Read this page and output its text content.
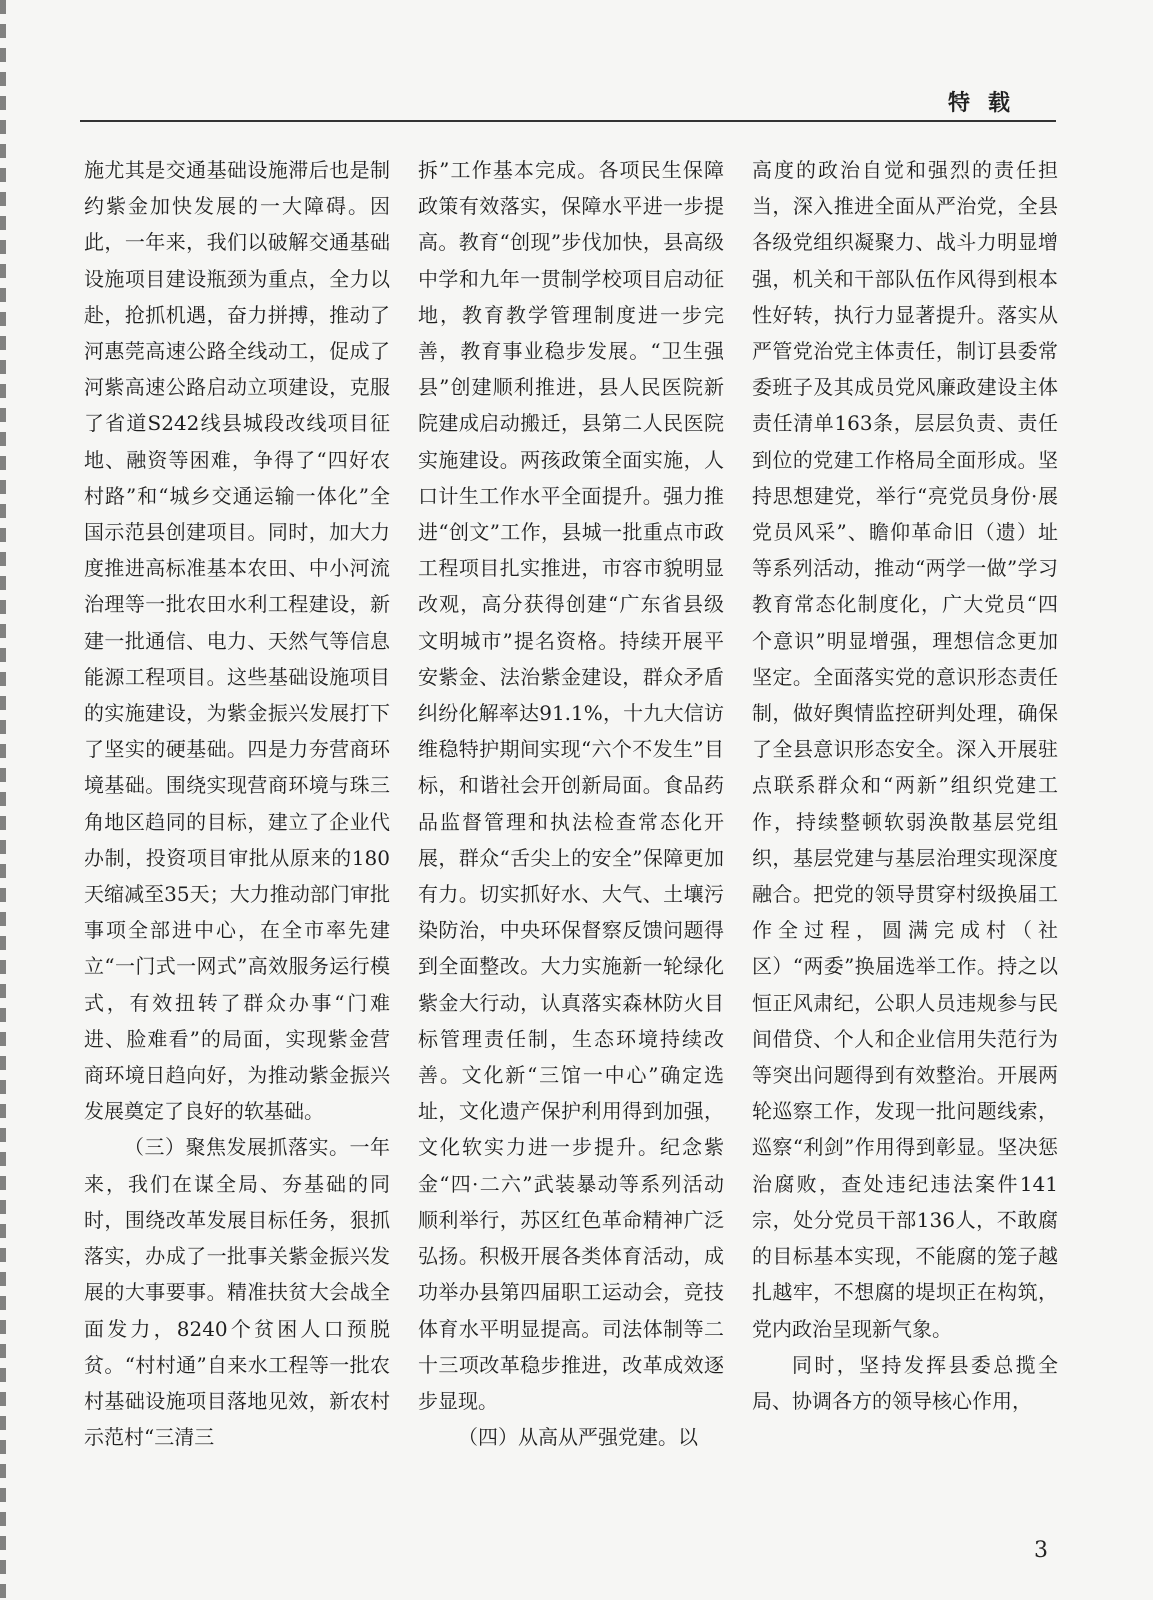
特载

施尤其是交通基础设施滞后也是制约紫金加快发展的一大障碍。因此，一年来，我们以破解交通基础设施项目建设瓶颈为重点，全力以赴，抢抓机遇，奋力拼搏，推动了河惠莞高速公路全线动工，促成了河紫高速公路启动立项建设，克服了省道S242线县城段改线项目征地、融资等困难，争得了“四好农村路”和“城乡交通运输一体化”全国示范县创建项目。同时，加大力度推进高标准基本农田、中小河流治理等一批农田水利工程建设，新建一批通信、电力、天然气等信息能源工程项目。这些基础设施项目的实施建设，为紫金振兴发展打下了坚实的硬基础。四是力夯营商环境基础。围绕实现营商环境与珠三角地区趋同的目标，建立了企业代办制，投资项目审批从原来的180天缩减至35天；大力推动部门审批事项全部进中心，在全市率先建立“一门式一网式”高效服务运行模式，有效扭转了群众办事“门难进、脸难看”的局面，实现紫金营商环境日趋向好，为推动紫金振兴发展奠定了良好的软基础。

（三）聚焦发展抓落实。一年来，我们在谋全局、夯基础的同时，围绕改革发展目标任务，狠抓落实，办成了一批事关紫金振兴发展的大事要事。精准扶贫大会战全面发力，8240个贫困人口预脱贫。“村村通”自来水工程等一批农村基础设施项目落地见效，新农村示范村“三清三

拆”工作基本完成。各项民生保障政策有效落实，保障水平进一步提高。教育“创现”步伐加快，县高级中学和九年一贯制学校项目启动征地，教育教学管理制度进一步完善，教育事业稳步发展。“卫生强县”创建顺利推进，县人民医院新院建成启动搬迁，县第二人民医院实施建设。两孩政策全面实施，人口计生工作水平全面提升。强力推进“创文”工作，县城一批重点市政工程项目扎实推进，市容市貌明显改观，高分获得创建“广东省县级文明城市”提名资格。持续开展平安紫金、法治紫金建设，群众矛盾纠纷化解率达91.1%，十九大信访维稳特护期间实现“六个不发生”目标，和谐社会开创新局面。食品药品监督管理和执法检查常态化开展，群众“舌尖上的安全”保障更加有力。切实抓好水、大气、土壤污染防治，中央环保督察反馈问题得到全面整改。大力实施新一轮绿化紫金大行动，认真落实森林防火目标管理责任制，生态环境持续改善。文化新“三馆一中心”确定选址，文化遗产保护利用得到加强，文化软实力进一步提升。纪念紫金“四·二六”武装暴动等系列活动顺利举行，苏区红色革命精神广泛弘扬。积极开展各类体育活动，成功举办县第四届职工运动会，竞技体育水平明显提高。司法体制等二十三项改革稳步推进，改革成效逐步显现。

（四）从高从严强党建。以

高度的政治自觉和强烈的责任担当，深入推进全面从严治党，全县各级党组织凝聚力、战斗力明显增强，机关和干部队伍作风得到根本性好转，执行力显著提升。落实从严管党治党主体责任，制订县委常委班子及其成员党风廉政建设主体责任清单163条，层层负责、责任到位的党建工作格局全面形成。坚持思想建党，举行“亮党员身份·展党员风采”、瞻仰革命旧（遗）址等系列活动，推动“两学一做”学习教育常态化制度化，广大党员“四个意识”明显增强，理想信念更加坚定。全面落实党的意识形态责任制，做好舆情监控研判处理，确保了全县意识形态安全。深入开展驻点联系群众和“两新”组织党建工作，持续整顿软弱涣散基层党组织，基层党建与基层治理实现深度融合。把党的领导贯穿村级换届工作全过程，圆满完成村（社区）“两委”换届选举工作。持之以恒正风肃纪，公职人员违规参与民间借贷、个人和企业信用失范行为等突出问题得到有效整治。开展两轮巡察工作，发现一批问题线索，巡察“利剑”作用得到彰显。坚决惩治腐败，查处违纪违法案件141宗，处分党员干部136人，不敢腐的目标基本实现，不能腐的笼子越扎越牢，不想腐的堤坝正在构筑，党内政治呈现新气象。

同时，坚持发挥县委总揽全局、协调各方的领导核心作用，

3
